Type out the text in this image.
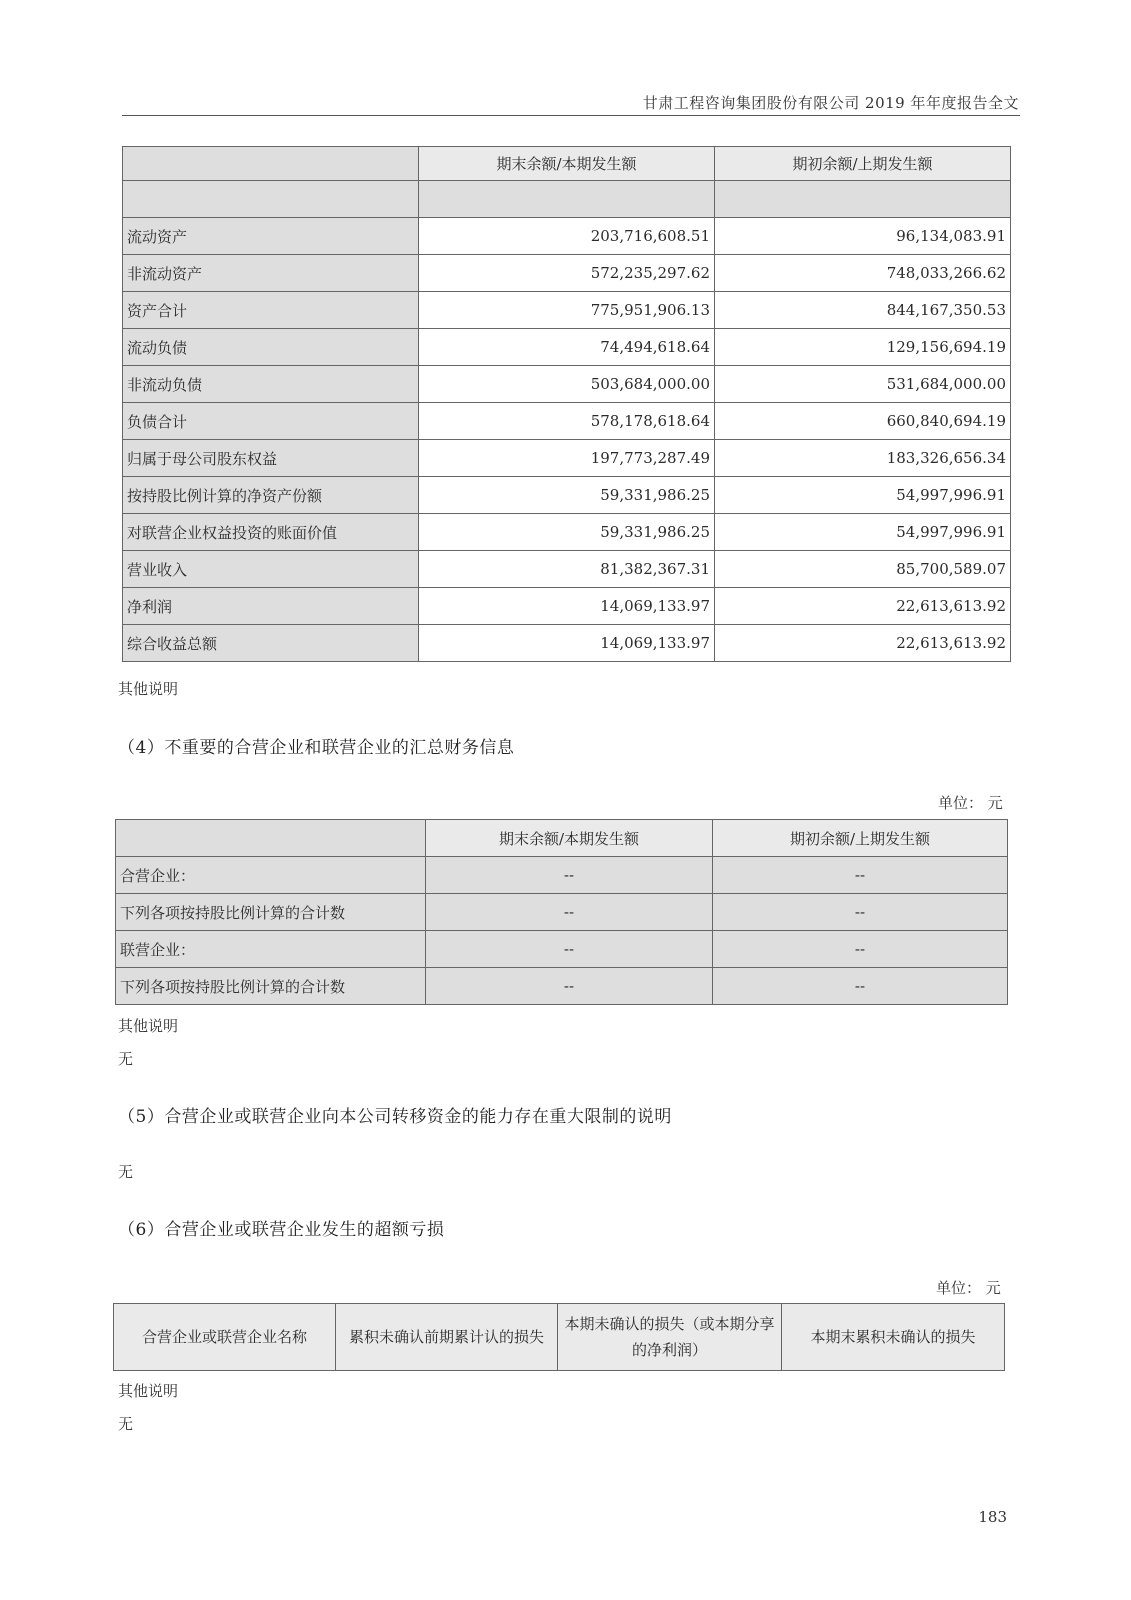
甘肃工程咨询集团股份有限公司 2019 年年度报告全文
	期末余额/本期发生额	期初余额/上期发生额

流动资产	203,716,608.51	96,134,083.91
非流动资产	572,235,297.62	748,033,266.62
资产合计	775,951,906.13	844,167,350.53
流动负债	74,494,618.64	129,156,694.19
非流动负债	503,684,000.00	531,684,000.00
负债合计	578,178,618.64	660,840,694.19
归属于母公司股东权益	197,773,287.49	183,326,656.34
按持股比例计算的净资产份额	59,331,986.25	54,997,996.91
对联营企业权益投资的账面价值	59,331,986.25	54,997,996.91
营业收入	81,382,367.31	85,700,589.07
净利润	14,069,133.97	22,613,613.92
综合收益总额	14,069,133.97	22,613,613.92
其他说明
（4）不重要的合营企业和联营企业的汇总财务信息
单位： 元
	期末余额/本期发生额	期初余额/上期发生额
合营企业：	--	--
下列各项按持股比例计算的合计数	--	--
联营企业：	--	--
下列各项按持股比例计算的合计数	--	--
其他说明
无
（5）合营企业或联营企业向本公司转移资金的能力存在重大限制的说明
无
（6）合营企业或联营企业发生的超额亏损
单位： 元
合营企业或联营企业名称	累积未确认前期累计认的损失	本期未确认的损失（或本期分享的净利润）	本期末累积未确认的损失
其他说明
无
183
